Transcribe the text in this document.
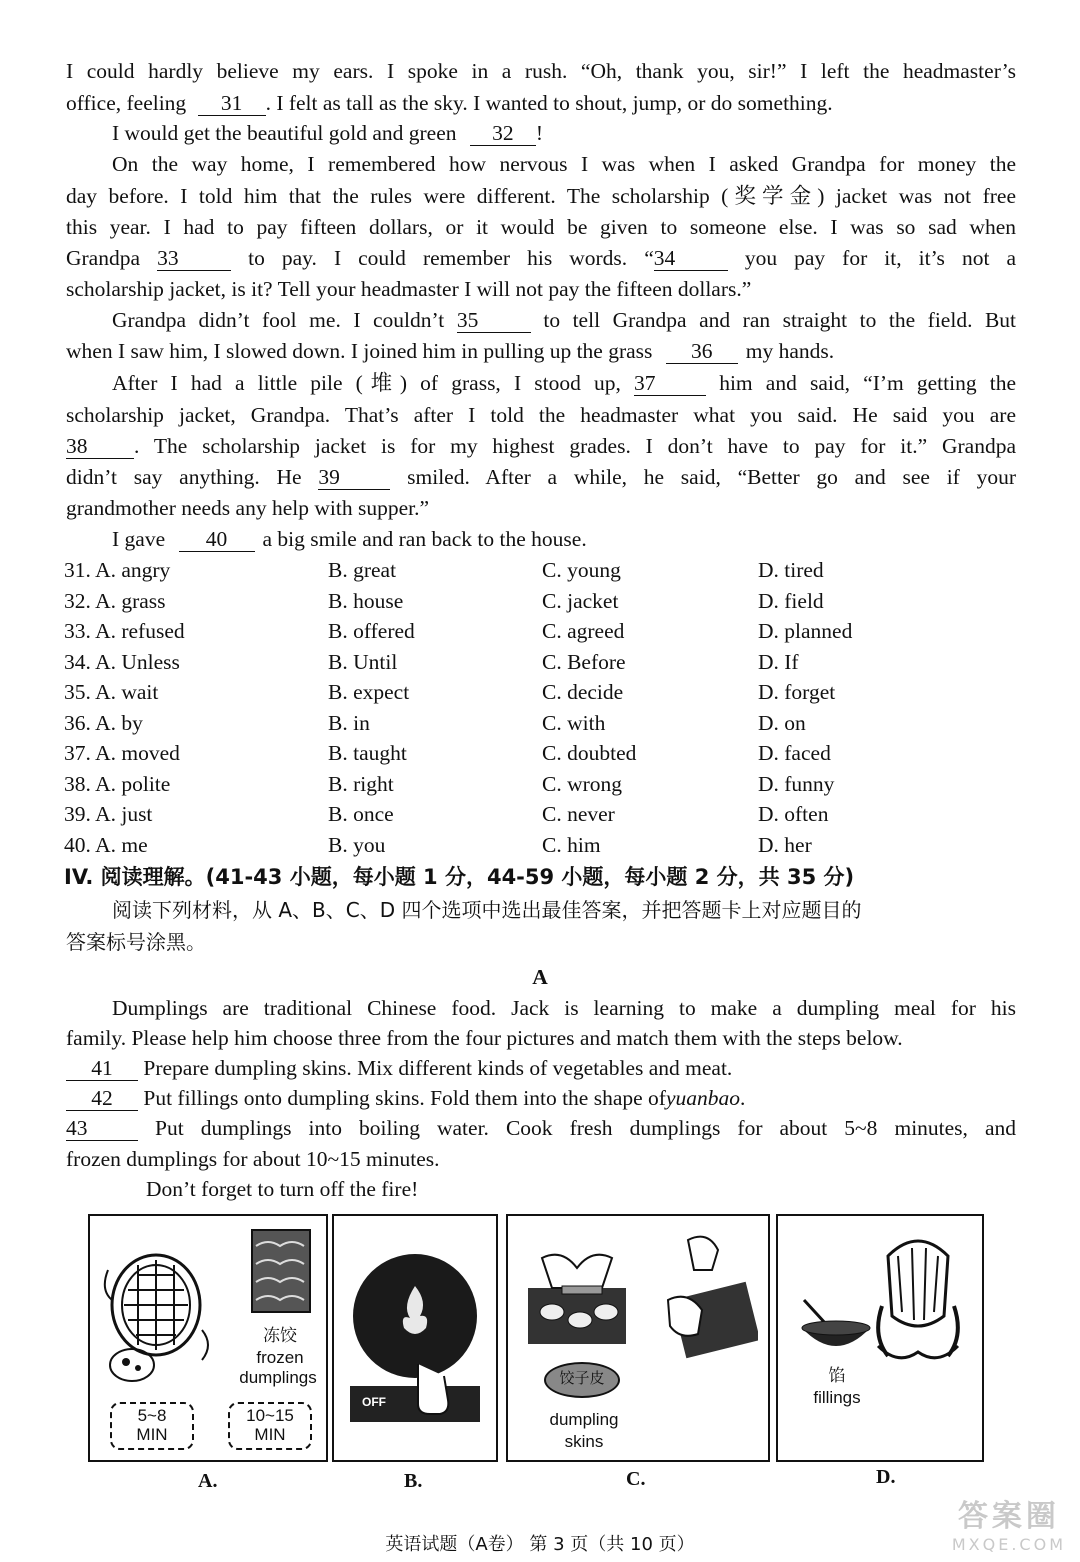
I could hardly believe my ears. I spoke in a rush. “Oh, thank you, sir!” I left the headmaster’s
office, feeling 31 . I felt as tall as the sky. I wanted to shout, jump, or do something.
I would get the beautiful gold and green 32 !
On the way home, I remembered how nervous I was when I asked Grandpa for money the
day before. I told him that the rules were different. The scholarship (奖学金) jacket was not free
this year. I had to pay fifteen dollars, or it would be given to someone else. I was so sad when
Grandpa 33	to pay. I could remember his words. “34	you pay for it, it’s not a
scholarship jacket, is it? Tell your headmaster I will not pay the fifteen dollars.”
Grandpa didn’t fool me. I couldn’t 35	to tell Grandpa and ran straight to the field. But
when I saw him, I slowed down. I joined him in pulling up the grass 36 my hands.
After I had a little pile (堆) of grass, I stood up, 37	him and said, “I’m getting the
scholarship jacket, Grandpa. That’s after I told the headmaster what you said. He said you are
38 . The scholarship jacket is for my highest grades. I don’t have to pay for it.” Grandpa
didn’t say anything. He 39	smiled. After a while, he said, “Better go and see if your
grandmother needs any help with supper.”
I gave 40 a big smile and ran back to the house.
31. A. angry	B. great	C. young	D. tired
32. A. grass	B. house	C. jacket	D. field
33. A. refused	B. offered	C. agreed	D. planned
34. A. Unless	B. Until	C. Before	D. If
35. A. wait	B. expect	C. decide	D. forget
36. A. by	B. in	C. with	D. on
37. A. moved	B. taught	C. doubted	D. faced
38. A. polite	B. right	C. wrong	D. funny
39. A. just	B. once	C. never	D. often
40. A. me	B. you	C. him	D. her
IV. 阅读理解。(41-43 小题，每小题 1 分，44-59 小题，每小题 2 分，共 35 分)
阅读下列材料，从 A、B、C、D 四个选项中选出最佳答案，并把答题卡上对应题目的
答案标号涂黑。
A
Dumplings are traditional Chinese food. Jack is learning to make a dumpling meal for his
family. Please help him choose three from the four pictures and match them with the steps below.
41 Prepare dumpling skins. Mix different kinds of vegetables and meat.
42 Put fillings onto dumpling skins. Fold them into the shape ofyuanbao.
43	Put dumplings into boiling water. Cook fresh dumplings for about 5~8 minutes, and
frozen dumplings for about 10~15 minutes.
Don’t forget to turn off the fire!
冻饺
frozen
dumplings
5~8
MIN
10~15
MIN
A.
OFF
B.
饺子皮
dumpling
skins
C.
馅
fillings
D.
英语试题（A卷） 第 3 页（共 10 页）
答案圈
MXQE.COM
